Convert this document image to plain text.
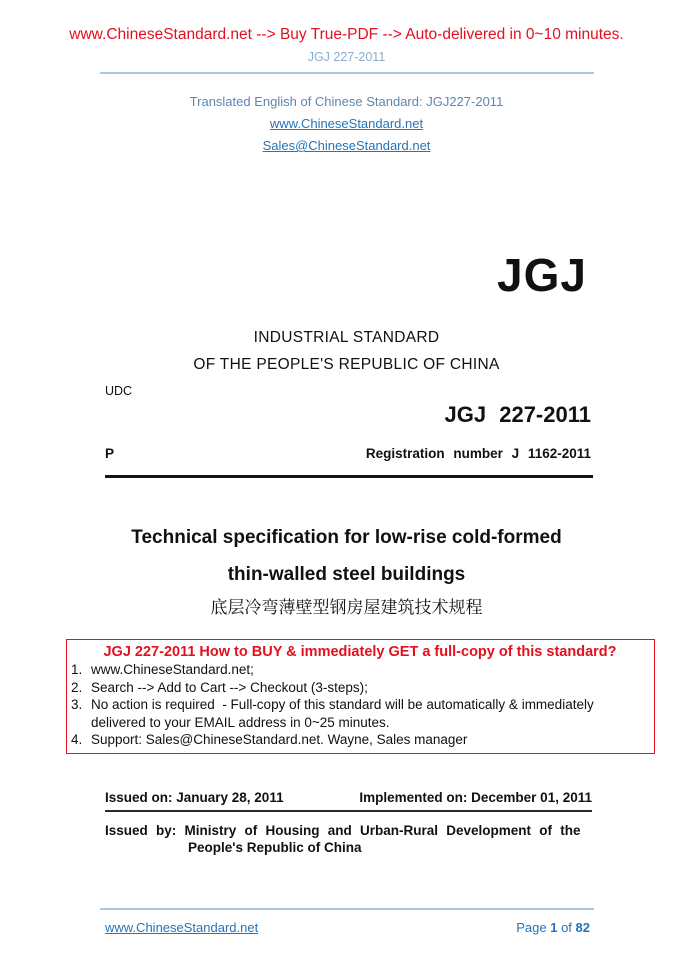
www.ChineseStandard.net --> Buy True-PDF --> Auto-delivered in 0~10 minutes.
JGJ 227-2011
Translated English of Chinese Standard: JGJ227-2011
www.ChineseStandard.net
Sales@ChineseStandard.net
JGJ
INDUSTRIAL STANDARD
OF THE PEOPLE'S REPUBLIC OF CHINA
UDC
JGJ 227-2011
P	Registration number J 1162-2011
Technical specification for low-rise cold-formed
thin-walled steel buildings
底层冷弯薄壁型钢房屋建筑技术规程
JGJ 227-2011 How to BUY & immediately GET a full-copy of this standard?
1. www.ChineseStandard.net;
2. Search --> Add to Cart --> Checkout (3-steps);
3. No action is required  - Full-copy of this standard will be automatically & immediately delivered to your EMAIL address in 0~25 minutes.
4. Support: Sales@ChineseStandard.net. Wayne, Sales manager
Issued on: January 28, 2011	Implemented on: December 01, 2011
Issued by: Ministry of Housing and Urban-Rural Development of the
People's Republic of China
www.ChineseStandard.net	Page 1 of 82
